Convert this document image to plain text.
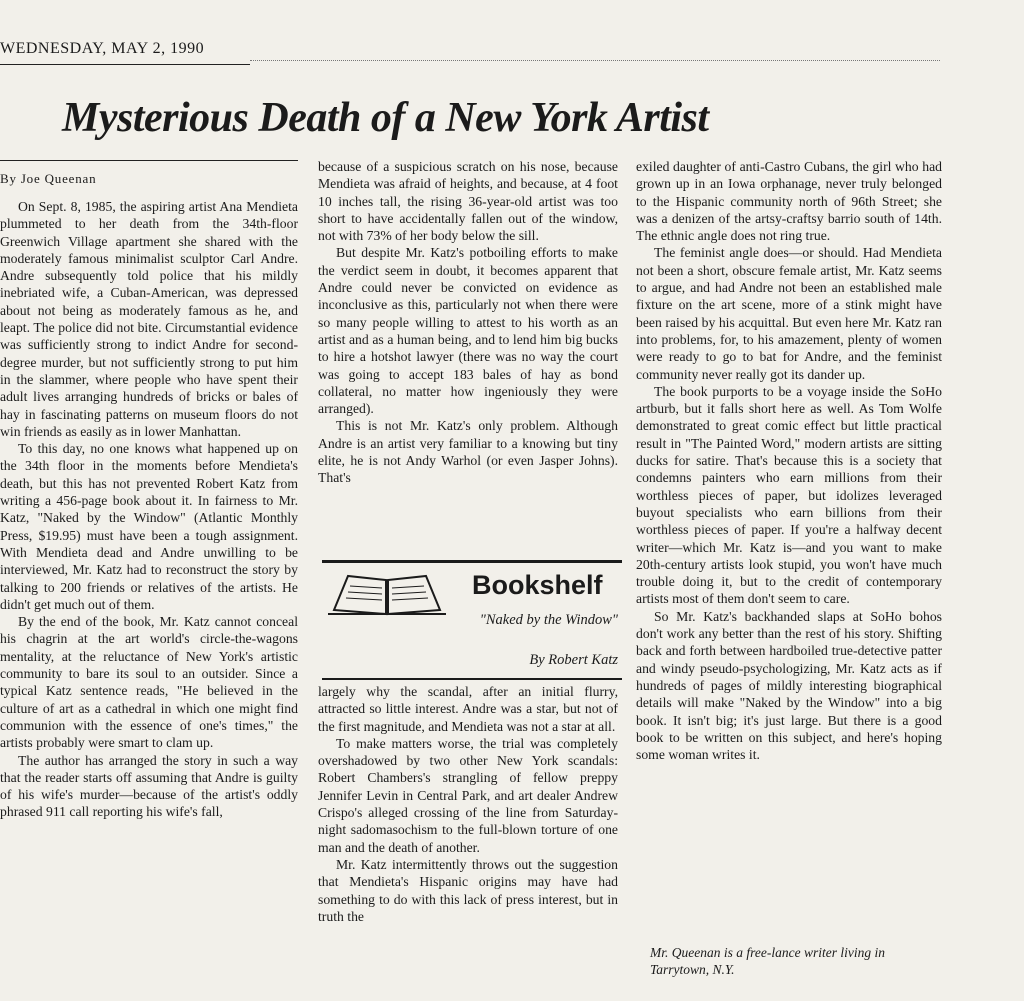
WEDNESDAY, MAY 2, 1990
Mysterious Death of a New York Artist
By Joe Queenan

On Sept. 8, 1985, the aspiring artist Ana Mendieta plummeted to her death from the 34th-floor Greenwich Village apartment she shared with the moderately famous minimalist sculptor Carl Andre. Andre subsequently told police that his mildly inebriated wife, a Cuban-American, was depressed about not being as moderately famous as he, and leapt. The police did not bite. Circumstantial evidence was sufficiently strong to indict Andre for second-degree murder, but not sufficiently strong to put him in the slammer, where people who have spent their adult lives arranging hundreds of bricks or bales of hay in fascinating patterns on museum floors do not win friends as easily as in lower Manhattan.

To this day, no one knows what happened up on the 34th floor in the moments before Mendieta's death, but this has not prevented Robert Katz from writing a 456-page book about it. In fairness to Mr. Katz, "Naked by the Window" (Atlantic Monthly Press, $19.95) must have been a tough assignment. With Mendieta dead and Andre unwilling to be interviewed, Mr. Katz had to reconstruct the story by talking to 200 friends or relatives of the artists. He didn't get much out of them.

By the end of the book, Mr. Katz cannot conceal his chagrin at the art world's circle-the-wagons mentality, at the reluctance of New York's artistic community to bare its soul to an outsider. Since a typical Katz sentence reads, "He believed in the culture of art as a cathedral in which one might find communion with the essence of one's times," the artists probably were smart to clam up.

The author has arranged the story in such a way that the reader starts off assuming that Andre is guilty of his wife's murder—because of the artist's oddly phrased 911 call reporting his wife's fall,

because of a suspicious scratch on his nose, because Mendieta was afraid of heights, and because, at 4 foot 10 inches tall, the rising 36-year-old artist was too short to have accidentally fallen out of the window, not with 73% of her body below the sill.

But despite Mr. Katz's potboiling efforts to make the verdict seem in doubt, it becomes apparent that Andre could never be convicted on evidence as inconclusive as this, particularly not when there were so many people willing to attest to his worth as an artist and as a human being, and to lend him big bucks to hire a hotshot lawyer (there was no way the court was going to accept 183 bales of hay as bond collateral, no matter how ingeniously they were arranged).

This is not Mr. Katz's only problem. Although Andre is an artist very familiar to a knowing but tiny elite, he is not Andy Warhol (or even Jasper Johns). That's

Bookshelf
"Naked by the Window"
By Robert Katz

largely why the scandal, after an initial flurry, attracted so little interest. Andre was a star, but not of the first magnitude, and Mendieta was not a star at all.

To make matters worse, the trial was completely overshadowed by two other New York scandals: Robert Chambers's strangling of fellow preppy Jennifer Levin in Central Park, and art dealer Andrew Crispo's alleged crossing of the line from Saturday-night sadomasochism to the full-blown torture of one man and the death of another.

Mr. Katz intermittently throws out the suggestion that Mendieta's Hispanic origins may have had something to do with this lack of press interest, but in truth the

exiled daughter of anti-Castro Cubans, the girl who had grown up in an Iowa orphanage, never truly belonged to the Hispanic community north of 96th Street; she was a denizen of the artsy-craftsy barrio south of 14th. The ethnic angle does not ring true.

The feminist angle does—or should. Had Mendieta not been a short, obscure female artist, Mr. Katz seems to argue, and had Andre not been an established male fixture on the art scene, more of a stink might have been raised by his acquittal. But even here Mr. Katz ran into problems, for, to his amazement, plenty of women were ready to go to bat for Andre, and the feminist community never really got its dander up.

The book purports to be a voyage inside the SoHo artburb, but it falls short here as well. As Tom Wolfe demonstrated to great comic effect but little practical result in "The Painted Word," modern artists are sitting ducks for satire. That's because this is a society that condemns painters who earn millions from their worthless pieces of paper, but idolizes leveraged buyout specialists who earn billions from their worthless pieces of paper. If you're a halfway decent writer—which Mr. Katz is—and you want to make 20th-century artists look stupid, you won't have much trouble doing it, but to the credit of contemporary artists most of them don't seem to care.

So Mr. Katz's backhanded slaps at SoHo bohos don't work any better than the rest of his story. Shifting back and forth between hardboiled true-detective patter and windy pseudo-psychologizing, Mr. Katz acts as if hundreds of pages of mildly interesting biographical details will make "Naked by the Window" into a big book. It isn't big; it's just large. But there is a good book to be written on this subject, and here's hoping some woman writes it.

Mr. Queenan is a free-lance writer living in Tarrytown, N.Y.
